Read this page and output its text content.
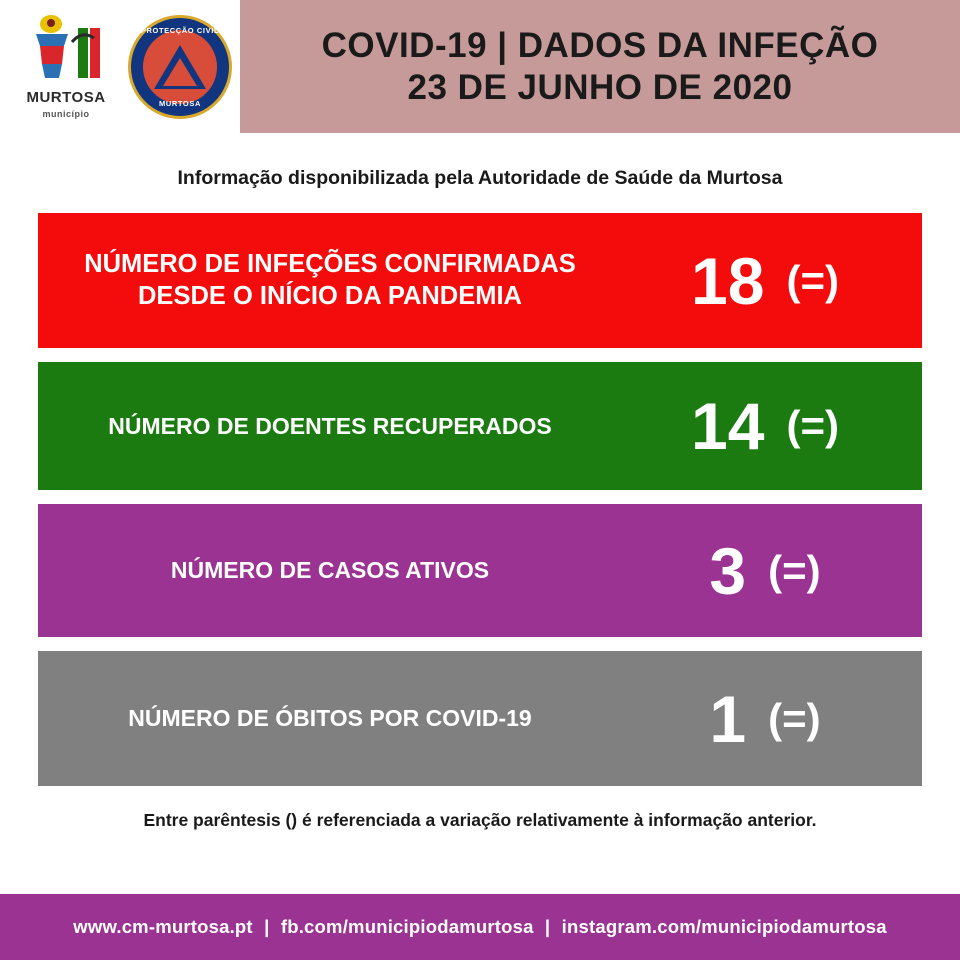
MURTOSA
município
PROTECÇÃO CIVIL
MURTOSA
COVID-19 | DADOS DA INFEÇÃO
23 DE JUNHO DE 2020
Informação disponibilizada pela Autoridade de Saúde da Murtosa
NÚMERO DE INFEÇÕES CONFIRMADAS DESDE O INÍCIO DA PANDEMIA	18 (=)
NÚMERO DE DOENTES RECUPERADOS	14 (=)
NÚMERO DE CASOS ATIVOS	3 (=)
NÚMERO DE ÓBITOS POR COVID-19	1 (=)
Entre parêntesis () é referenciada a variação relativamente à informação anterior.
www.cm-murtosa.pt | fb.com/municipiodamurtosa | instagram.com/municipiodamurtosa
